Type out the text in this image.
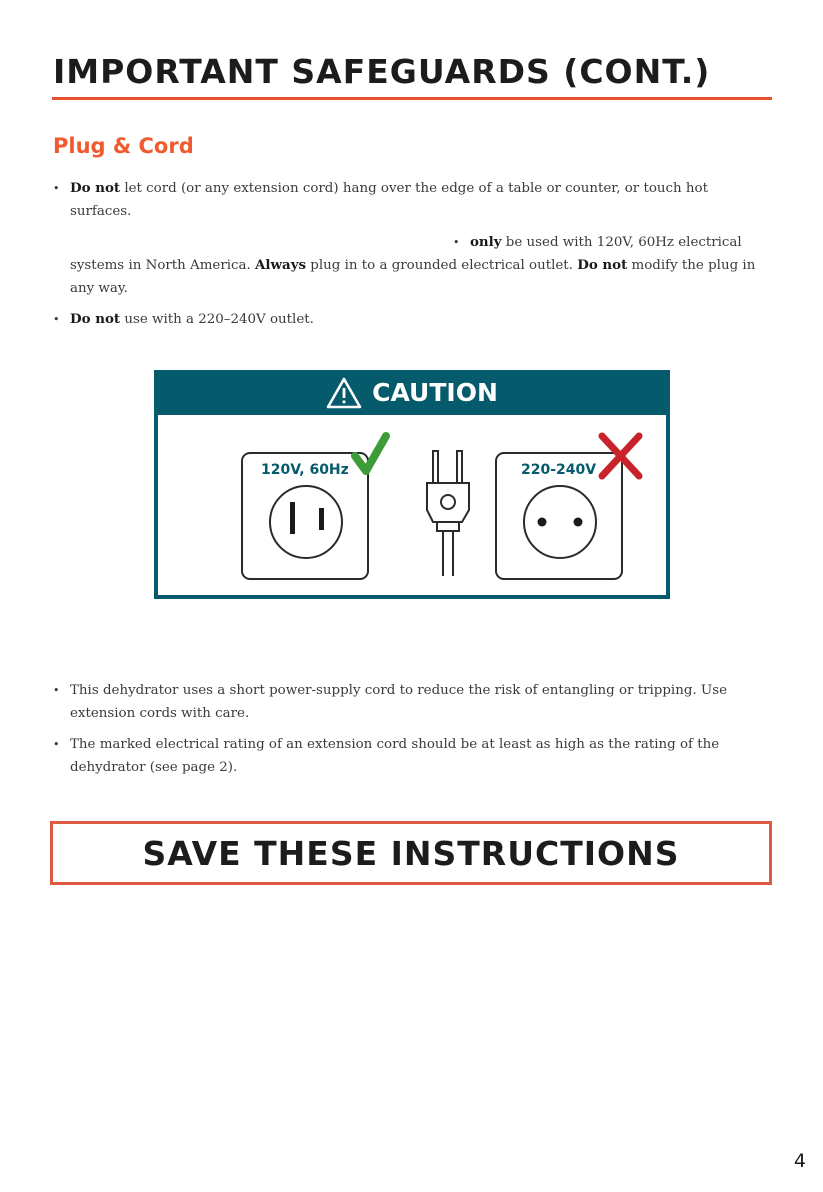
IMPORTANT SAFEGUARDS (CONT.)
Plug & Cord
• Do not let cord (or any extension cord) hang over the edge of a table or counter, or touch hot surfaces.
• only be used with 120V, 60Hz electrical systems in North America. Always plug in to a grounded electrical outlet. Do not modify the plug in any way.
• Do not use with a 220–240V outlet.
120V, 60Hz	220-240V
CAUTION
• This dehydrator uses a short power-supply cord to reduce the risk of entangling or tripping. Use extension cords with care.
• The marked electrical rating of an extension cord should be at least as high as the rating of the dehydrator (see page 2).
SAVE THESE INSTRUCTIONS
4
